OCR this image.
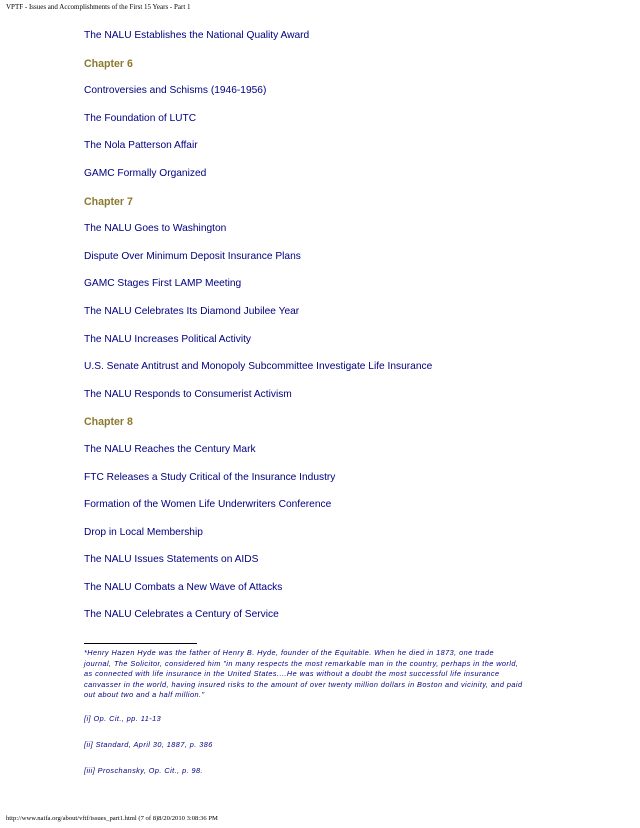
VPTF - Issues and Accomplishments of the First 15 Years - Part 1
The NALU Establishes the National Quality Award
Chapter 6
Controversies and Schisms (1946-1956)
The Foundation of LUTC
The Nola Patterson Affair
GAMC Formally Organized
Chapter 7
The NALU Goes to Washington
Dispute Over Minimum Deposit Insurance Plans
GAMC Stages First LAMP Meeting
The NALU Celebrates Its Diamond Jubilee Year
The NALU Increases Political Activity
U.S. Senate Antitrust and Monopoly Subcommittee Investigate Life Insurance
The NALU Responds to Consumerist Activism
Chapter 8
The NALU Reaches the Century Mark
FTC Releases a Study Critical of the Insurance Industry
Formation of the Women Life Underwriters Conference
Drop in Local Membership
The NALU Issues Statements on AIDS
The NALU Combats a New Wave of Attacks
The NALU Celebrates a Century of Service
*Henry Hazen Hyde was the father of Henry B. Hyde, founder of the Equitable. When he died in 1873, one trade
journal, The Solicitor, considered him "in many respects the most remarkable man in the country, perhaps in the world,
as connected with life insurance in the United States....He was without a doubt the most successful life insurance
canvasser in the world, having insured risks to the amount of over twenty million dollars in Boston and vicinity, and paid
out about two and a half million."
[i] Op. Cit., pp. 11-13
[ii] Standard, April 30, 1887, p. 386
[iii] Proschansky, Op. Cit., p. 98.
http://www.naifa.org/about/vftf/issues_part1.html (7 of 8)8/20/2010 3:08:36 PM
